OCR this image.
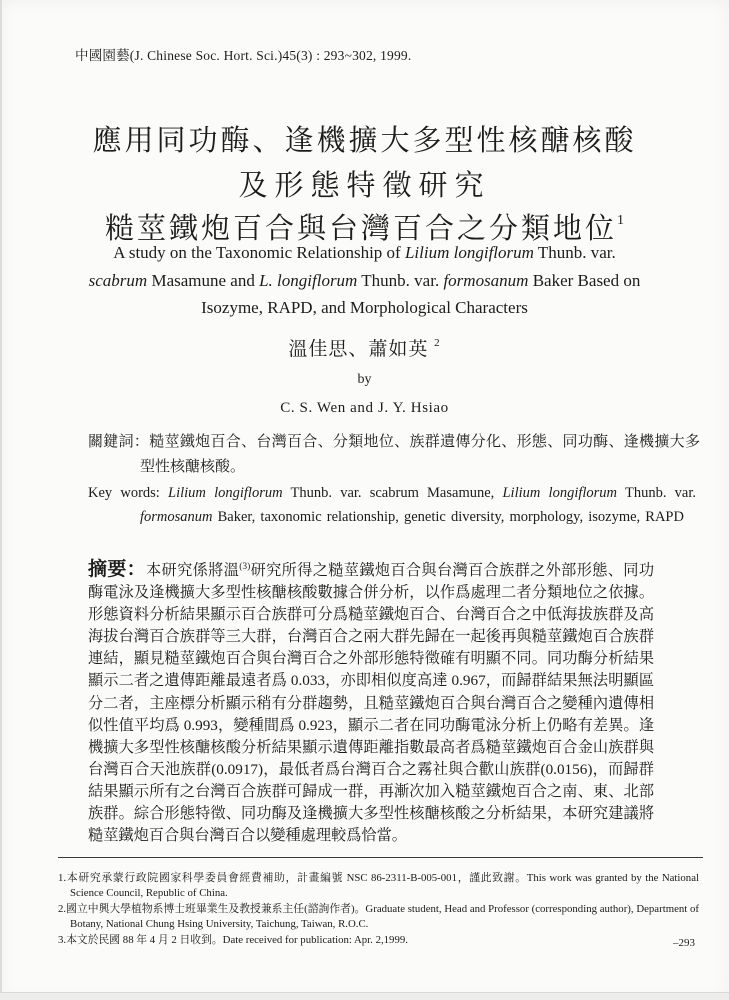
中國園藝(J. Chinese Soc. Hort. Sci.)45(3) : 293~302, 1999.
應用同功酶、逢機擴大多型性核醣核酸
及形態特徵研究
糙莖鐵炮百合與台灣百合之分類地位$^1$
A study on the Taxonomic Relationship of Lilium longiflorum Thunb. var.
scabrum Masamune and L. longiflorum Thunb. var. formosanum Baker Based on
Isozyme, RAPD, and Morphological Characters
溫佳思、蕭如英 $^2$
by
C. S. Wen and J. Y. Hsiao
關鍵詞：糙莖鐵炮百合、台灣百合、分類地位、族群遺傳分化、形態、同功酶、逢機擴大多型性核醣核酸。
Key words: Lilium longiflorum Thunb. var. scabrum Masamune, Lilium longiflorum Thunb. var. formosanum Baker, taxonomic relationship, genetic diversity, morphology, isozyme, RAPD
摘要：本研究係將溫$^{(3)}$研究所得之糙莖鐵炮百合與台灣百合族群之外部形態、同功酶電泳及逢機擴大多型性核醣核酸數據合併分析，以作爲處理二者分類地位之依據。形態資料分析結果顯示百合族群可分爲糙莖鐵炮百合、台灣百合之中低海拔族群及高海拔台灣百合族群等三大群，台灣百合之兩大群先歸在一起後再與糙莖鐵炮百合族群連結，顯見糙莖鐵炮百合與台灣百合之外部形態特徵確有明顯不同。同功酶分析結果顯示二者之遺傳距離最遠者爲 0.033，亦即相似度高達 0.967，而歸群結果無法明顯區分二者，主座標分析顯示稍有分群趨勢，且糙莖鐵炮百合與台灣百合之變種內遺傳相似性值平均爲 0.993，變種間爲 0.923，顯示二者在同功酶電泳分析上仍略有差異。逢機擴大多型性核醣核酸分析結果顯示遺傳距離指數最高者爲糙莖鐵炮百合金山族群與台灣百合天池族群(0.0917)，最低者爲台灣百合之霧社與合歡山族群(0.0156)，而歸群結果顯示所有之台灣百合族群可歸成一群，再漸次加入糙莖鐵炮百合之南、東、北部族群。綜合形態特徵、同功酶及逢機擴大多型性核醣核酸之分析結果，本研究建議將糙莖鐵炮百合與台灣百合以變種處理較爲恰當。
1.本研究承蒙行政院國家科學委員會經費補助，計畫編號 NSC 86-2311-B-005-001，謹此致謝。This work was granted by the National Science Council, Republic of China.
2.國立中興大學植物系博士班畢業生及教授兼系主任(諮詢作者)。Graduate student, Head and Professor (corresponding author), Department of Botany, National Chung Hsing University, Taichung, Taiwan, R.O.C.
3.本文於民國 88 年 4 月 2 日收到。Date received for publication: Apr. 2,1999.	–293
